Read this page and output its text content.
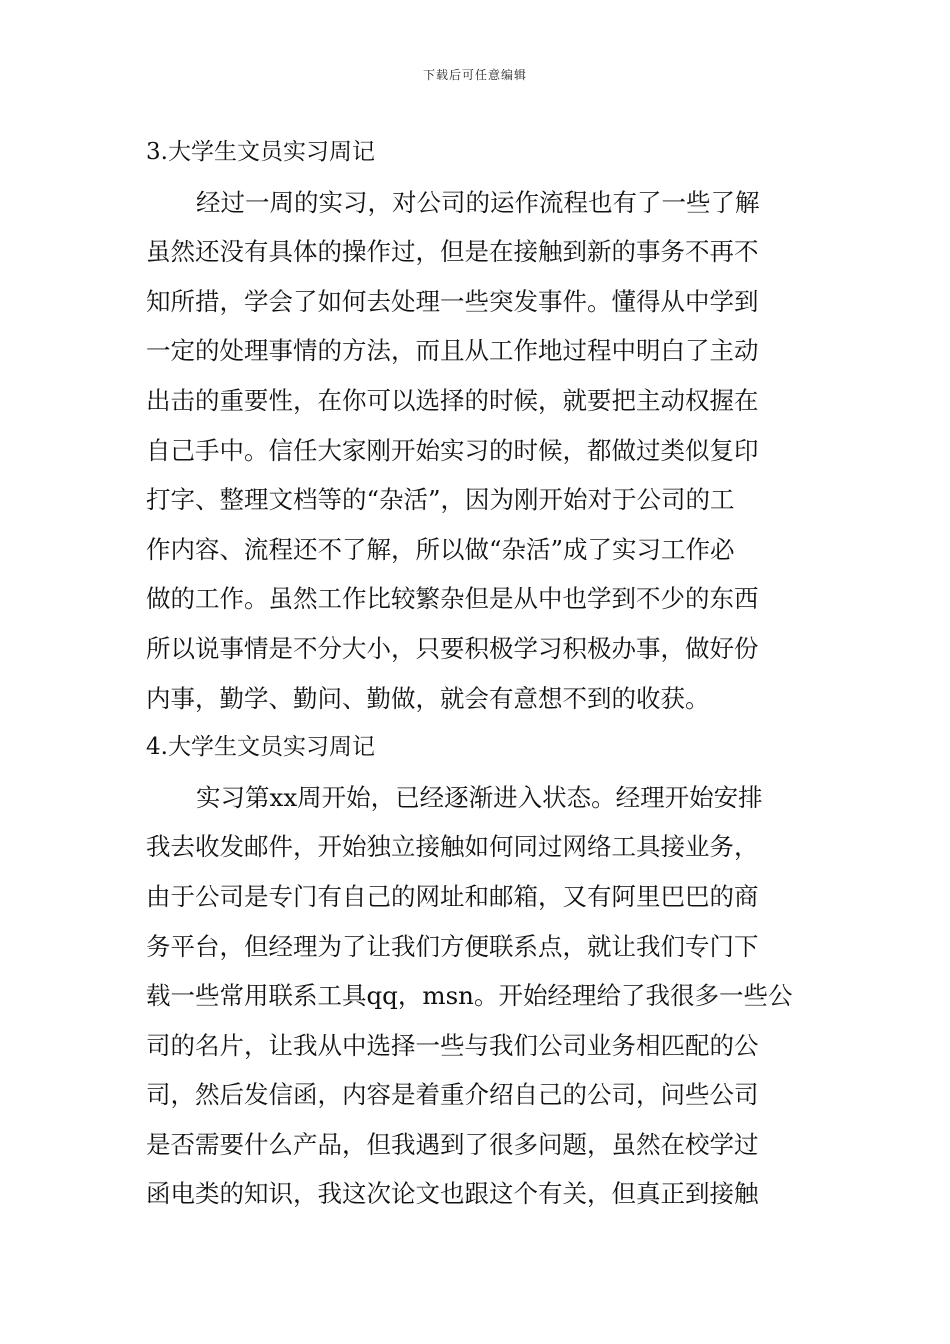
下载后可任意编辑
3.大学生文员实习周记
经过一周的实习，对公司的运作流程也有了一些了解
虽然还没有具体的操作过，但是在接触到新的事务不再不
知所措，学会了如何去处理一些突发事件。懂得从中学到
一定的处理事情的方法，而且从工作地过程中明白了主动
出击的重要性，在你可以选择的时候，就要把主动权握在
自己手中。信任大家刚开始实习的时候，都做过类似复印
打字、整理文档等的“杂活”，因为刚开始对于公司的工
作内容、流程还不了解，所以做“杂活”成了实习工作必
做的工作。虽然工作比较繁杂但是从中也学到不少的东西
所以说事情是不分大小，只要积极学习积极办事，做好份
内事，勤学、勤问、勤做，就会有意想不到的收获。
4.大学生文员实习周记
实习第xx周开始，已经逐渐进入状态。经理开始安排
我去收发邮件，开始独立接触如何同过网络工具接业务，
由于公司是专门有自己的网址和邮箱，又有阿里巴巴的商
务平台，但经理为了让我们方便联系点，就让我们专门下
载一些常用联系工具qq，msn。开始经理给了我很多一些公
司的名片，让我从中选择一些与我们公司业务相匹配的公
司，然后发信函，内容是着重介绍自己的公司，问些公司
是否需要什么产品，但我遇到了很多问题，虽然在校学过
函电类的知识，我这次论文也跟这个有关，但真正到接触
